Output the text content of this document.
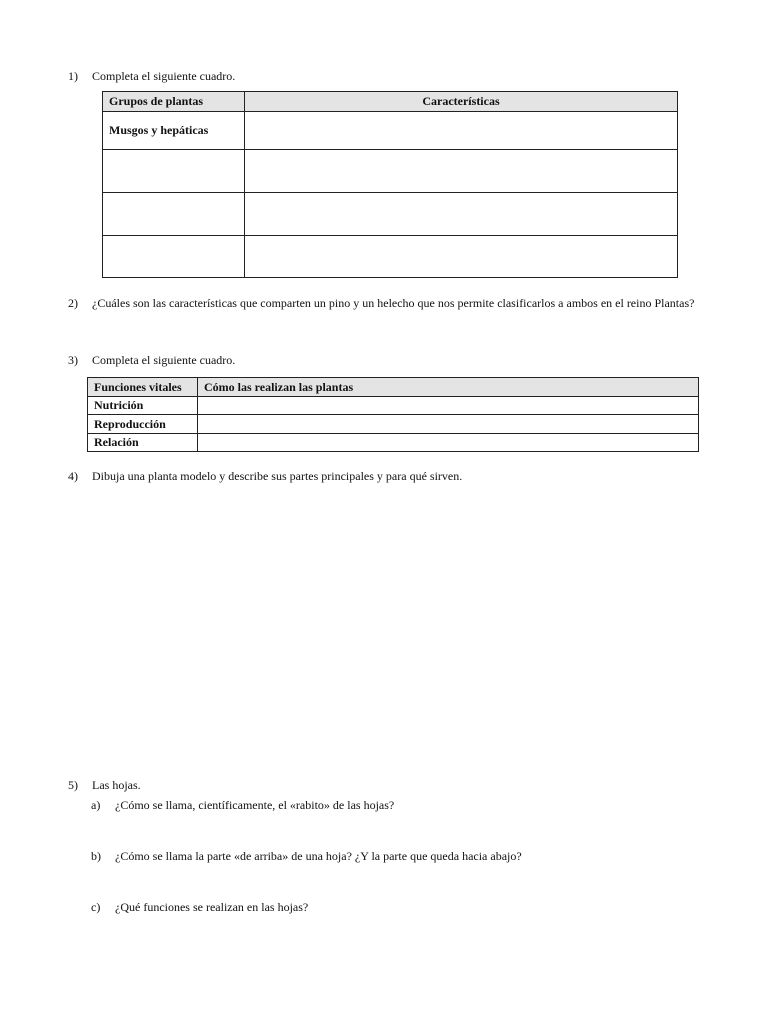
1) Completa el siguiente cuadro.
Grupos de plantas	Características
Musgos y hepáticas	

2) ¿Cuáles son las características que comparten un pino y un helecho que nos permite clasificarlos a ambos en el reino Plantas?
3) Completa el siguiente cuadro.
Funciones vitales	Cómo las realizan las plantas
Nutrición	
Reproducción	
Relación	
4) Dibuja una planta modelo y describe sus partes principales y para qué sirven.
5) Las hojas.
a) ¿Cómo se llama, científicamente, el «rabito» de las hojas?
b) ¿Cómo se llama la parte «de arriba» de una hoja? ¿Y la parte que queda hacia abajo?
c) ¿Qué funciones se realizan en las hojas?
